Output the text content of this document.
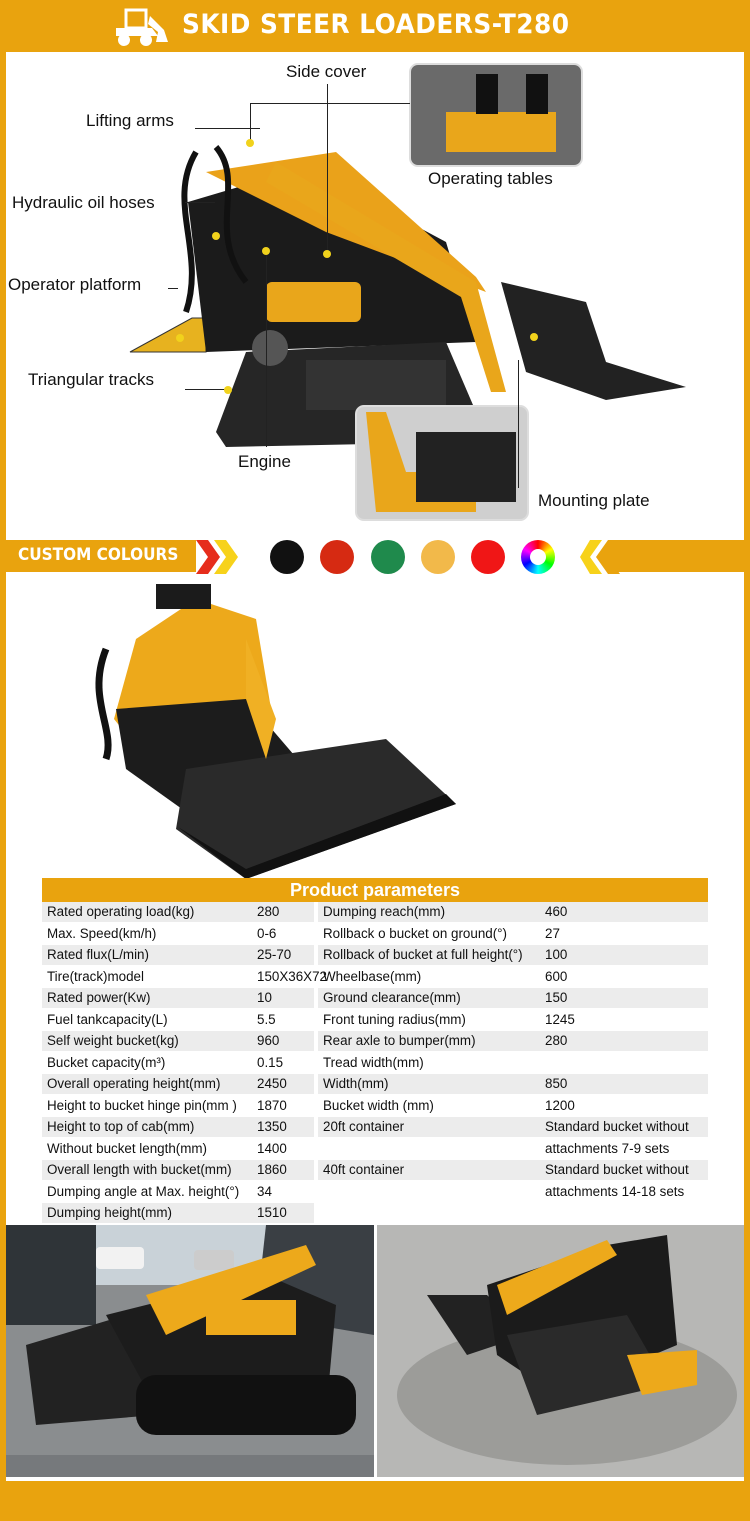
SKID STEER LOADERS-T280
Side cover
Lifting arms
Operating tables
Hydraulic oil hoses
Operator platform
Triangular tracks
Engine
Mounting plate
CUSTOM COLOURS
Product parameters
Rated operating load(kg)	280
Max. Speed(km/h)	0-6
Rated flux(L/min)	25-70
Tire(track)model	150X36X72
Rated power(Kw)	10
Fuel tankcapacity(L)	5.5
Self weight bucket(kg)	960
Bucket capacity(m³)	0.15
Overall operating height(mm)	2450
Height to bucket hinge pin(mm ) 1870
Height to top of cab(mm)	1350
Without bucket length(mm)	1400
Overall length with bucket(mm) 1860
Dumping angle at Max. height(°) 34
Dumping height(mm)	1510
Dumping reach(mm)	460
Rollback o bucket on ground(°)	27
Rollback of bucket at full height(°) 100
Wheelbase(mm)	600
Ground clearance(mm)	150
Front tuning radius(mm)	1245
Rear axle to bumper(mm)	280
Tread width(mm)
Width(mm)	850
Bucket width (mm)	1200
20ft container	Standard bucket without
attachments 7-9 sets
40ft container	Standard bucket without
attachments 14-18 sets
